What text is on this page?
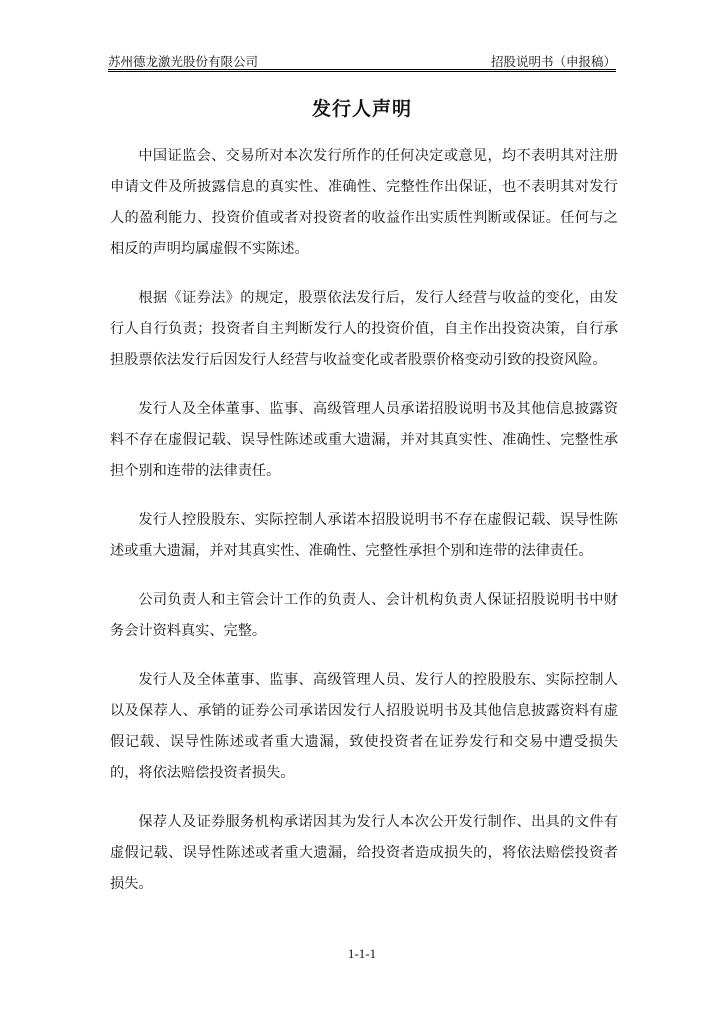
苏州德龙激光股份有限公司	招股说明书（申报稿）
发行人声明

中国证监会、交易所对本次发行所作的任何决定或意见，均不表明其对注册申请文件及所披露信息的真实性、准确性、完整性作出保证，也不表明其对发行人的盈利能力、投资价值或者对投资者的收益作出实质性判断或保证。任何与之相反的声明均属虚假不实陈述。

根据《证券法》的规定，股票依法发行后，发行人经营与收益的变化，由发行人自行负责；投资者自主判断发行人的投资价值，自主作出投资决策，自行承担股票依法发行后因发行人经营与收益变化或者股票价格变动引致的投资风险。

发行人及全体董事、监事、高级管理人员承诺招股说明书及其他信息披露资料不存在虚假记载、误导性陈述或重大遗漏，并对其真实性、准确性、完整性承担个别和连带的法律责任。

发行人控股股东、实际控制人承诺本招股说明书不存在虚假记载、误导性陈述或重大遗漏，并对其真实性、准确性、完整性承担个别和连带的法律责任。

公司负责人和主管会计工作的负责人、会计机构负责人保证招股说明书中财务会计资料真实、完整。

发行人及全体董事、监事、高级管理人员、发行人的控股股东、实际控制人以及保荐人、承销的证券公司承诺因发行人招股说明书及其他信息披露资料有虚假记载、误导性陈述或者重大遗漏，致使投资者在证券发行和交易中遭受损失的，将依法赔偿投资者损失。

保荐人及证券服务机构承诺因其为发行人本次公开发行制作、出具的文件有虚假记载、误导性陈述或者重大遗漏，给投资者造成损失的，将依法赔偿投资者损失。

1-1-1
